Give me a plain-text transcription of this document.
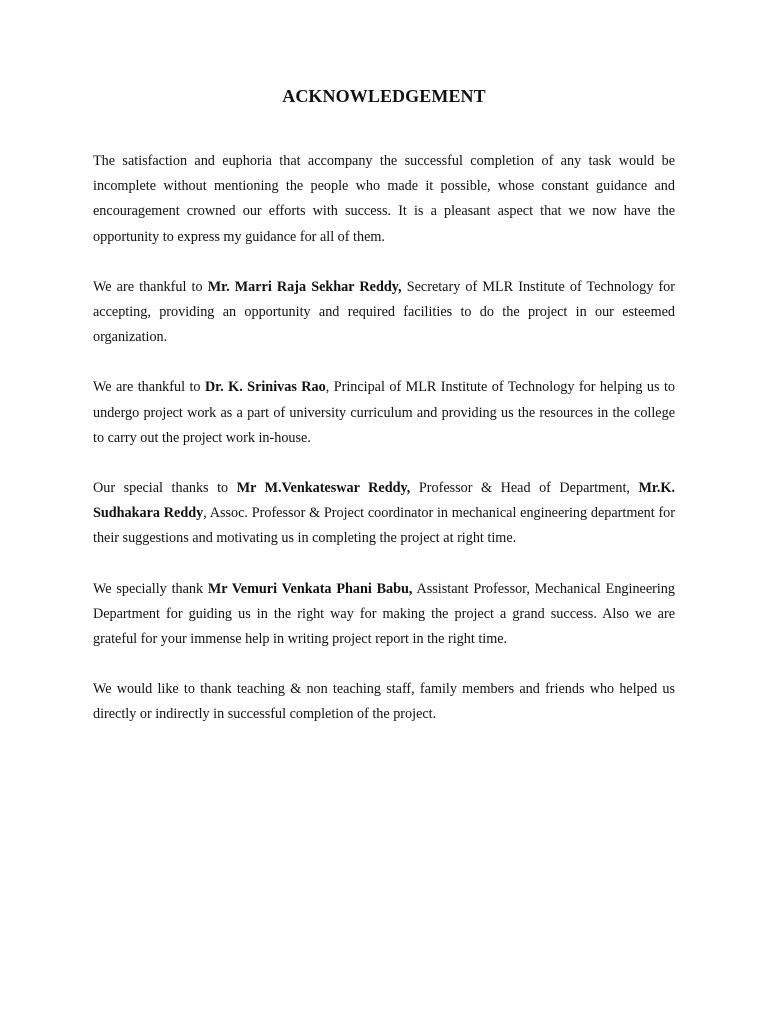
ACKNOWLEDGEMENT

The satisfaction and euphoria that accompany the successful completion of any task would be incomplete without mentioning the people who made it possible, whose constant guidance and encouragement crowned our efforts with success. It is a pleasant aspect that we now have the opportunity to express my guidance for all of them.

We are thankful to Mr. Marri Raja Sekhar Reddy, Secretary of MLR Institute of Technology for accepting, providing an opportunity and required facilities to do the project in our esteemed organization.

We are thankful to Dr. K. Srinivas Rao, Principal of MLR Institute of Technology for helping us to undergo project work as a part of university curriculum and providing us the resources in the college to carry out the project work in-house.

Our special thanks to Mr M.Venkateswar Reddy, Professor & Head of Department, Mr.K. Sudhakara Reddy, Assoc. Professor & Project coordinator in mechanical engineering department for their suggestions and motivating us in completing the project at right time.

We specially thank Mr Vemuri Venkata Phani Babu, Assistant Professor, Mechanical Engineering Department for guiding us in the right way for making the project a grand success. Also we are grateful for your immense help in writing project report in the right time.

We would like to thank teaching & non teaching staff, family members and friends who helped us directly or indirectly in successful completion of the project.
